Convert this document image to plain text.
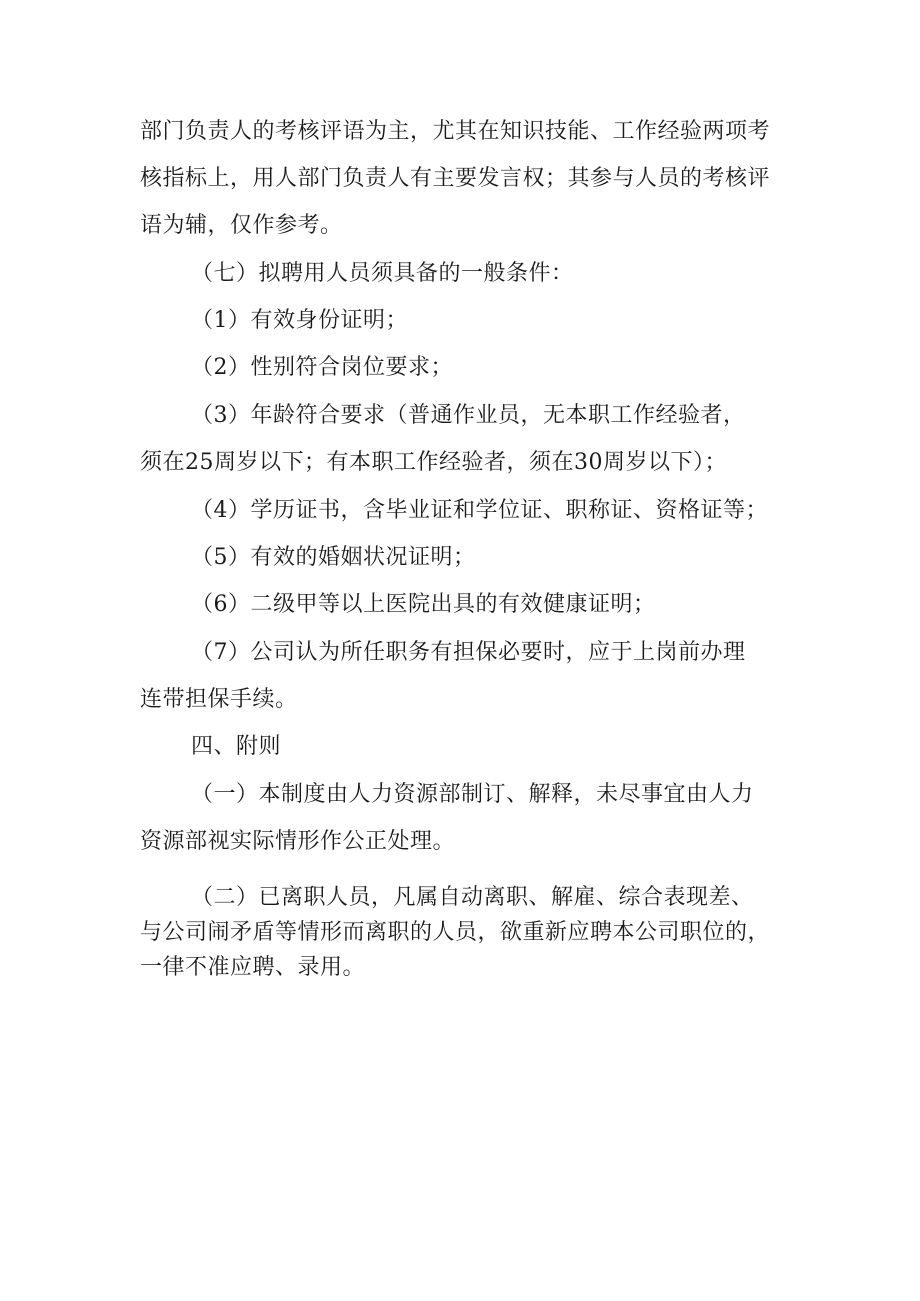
部门负责人的考核评语为主，尤其在知识技能、工作经验两项考
核指标上，用人部门负责人有主要发言权；其参与人员的考核评
语为辅，仅作参考。
（七）拟聘用人员须具备的一般条件：
（1）有效身份证明；
（2）性别符合岗位要求；
（3）年龄符合要求（普通作业员，无本职工作经验者，
须在25周岁以下；有本职工作经验者，须在30周岁以下）；
（4）学历证书，含毕业证和学位证、职称证、资格证等；
（5）有效的婚姻状况证明；
（6）二级甲等以上医院出具的有效健康证明；
（7）公司认为所任职务有担保必要时，应于上岗前办理
连带担保手续。
四、附则
（一）本制度由人力资源部制订、解释，未尽事宜由人力
资源部视实际情形作公正处理。
（二）已离职人员，凡属自动离职、解雇、综合表现差、
与公司闹矛盾等情形而离职的人员，欲重新应聘本公司职位的，
一律不准应聘、录用。
